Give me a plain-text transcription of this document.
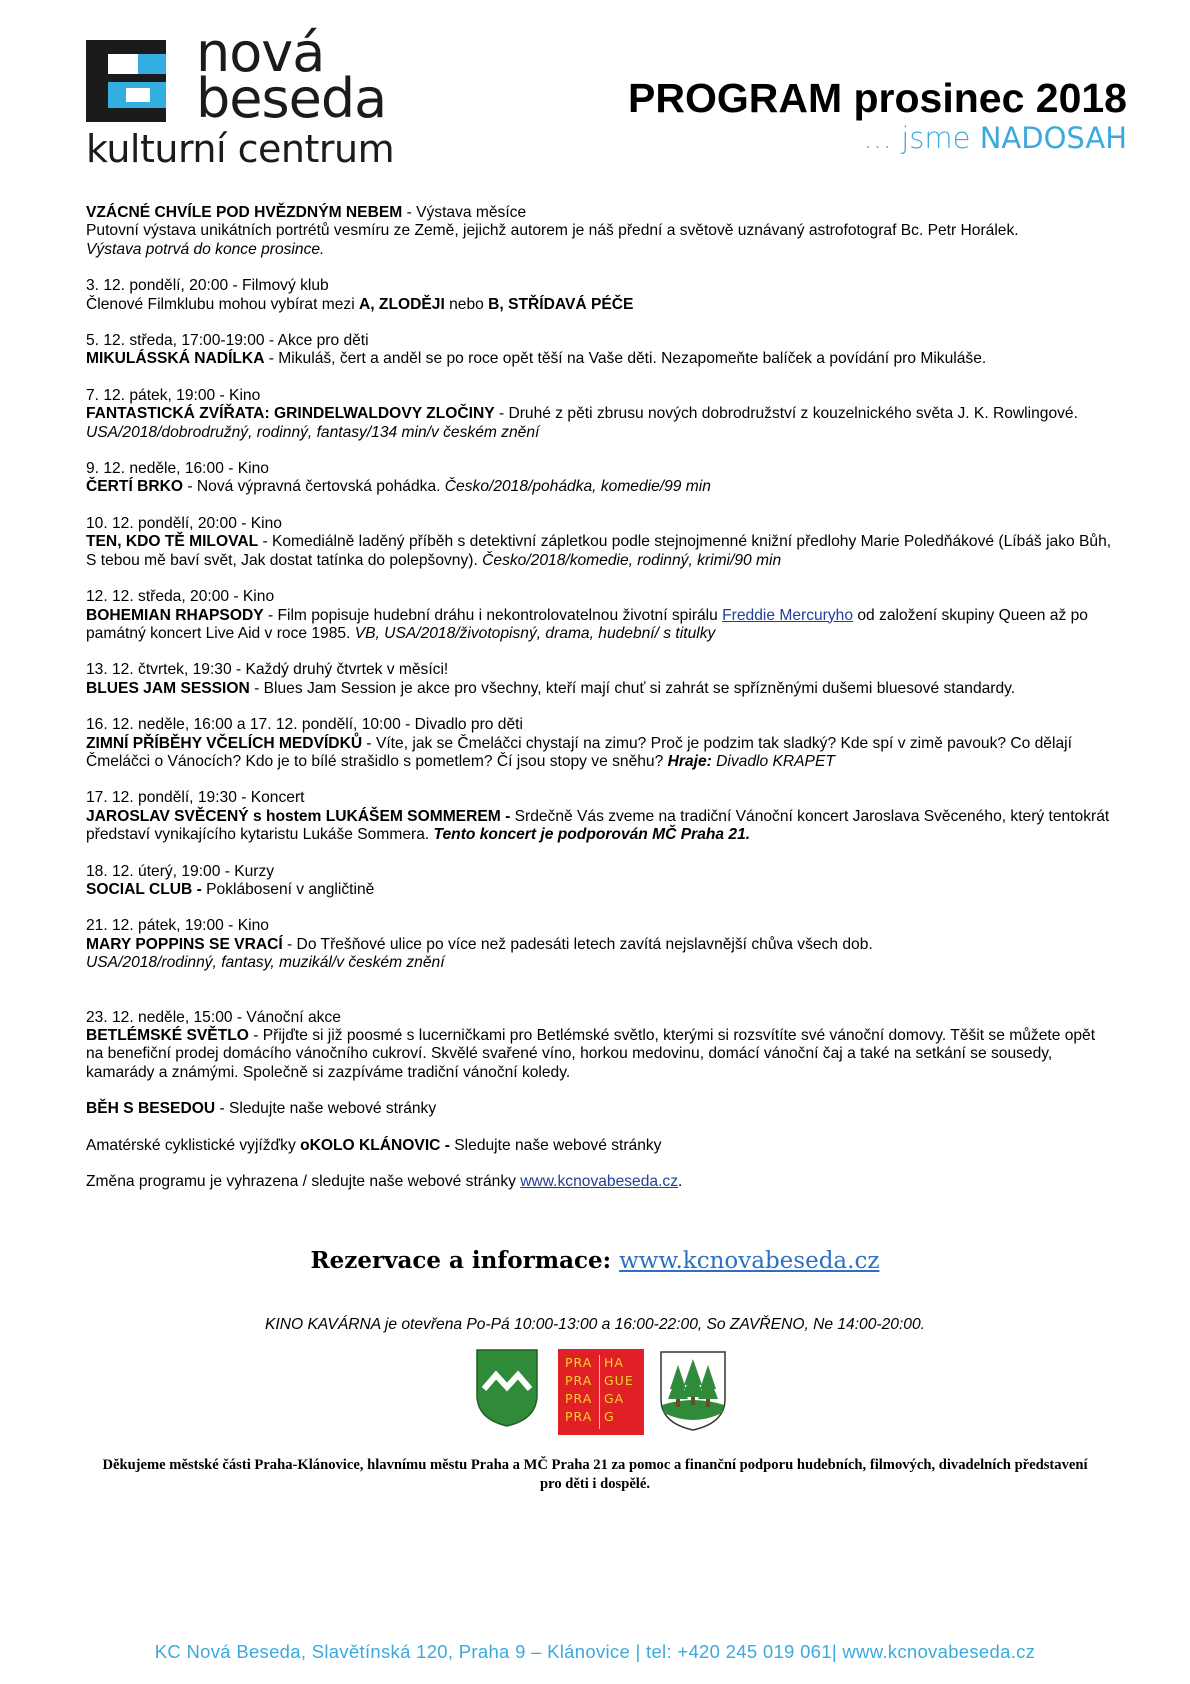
nová
beseda
kulturní centrum
PROGRAM prosinec 2018
… jsme NADOSAH
VZÁCNÉ CHVÍLE POD HVĚZDNÝM NEBEM - Výstava měsíce
Putovní výstava unikátních portrétů vesmíru ze Země, jejichž autorem je náš přední a světově uznávaný astrofotograf Bc. Petr Horálek.
Výstava potrvá do konce prosince.
3. 12. pondělí, 20:00 - Filmový klub
Členové Filmklubu mohou vybírat mezi A, ZLODĚJI nebo B, STŘÍDAVÁ PÉČE
5. 12. středa, 17:00-19:00 - Akce pro děti
MIKULÁSSKÁ NADÍLKA - Mikuláš, čert a anděl se po roce opět těší na Vaše děti. Nezapomeňte balíček a povídání pro Mikuláše.
7. 12. pátek, 19:00 - Kino
FANTASTICKÁ ZVÍŘATA: GRINDELWALDOVY ZLOČINY - Druhé z pěti zbrusu nových dobrodružství z kouzelnického světa J. K. Rowlingové. USA/2018/dobrodružný, rodinný, fantasy/134 min/v českém znění
9. 12. neděle, 16:00 - Kino
ČERTÍ BRKO - Nová výpravná čertovská pohádka. Česko/2018/pohádka, komedie/99 min
10. 12. pondělí, 20:00 - Kino
TEN, KDO TĚ MILOVAL - Komediálně laděný příběh s detektivní zápletkou podle stejnojmenné knižní předlohy Marie Poledňákové (Líbáš jako Bůh, S tebou mě baví svět, Jak dostat tatínka do polepšovny). Česko/2018/komedie, rodinný, krimi/90 min
12. 12. středa, 20:00 - Kino
BOHEMIAN RHAPSODY - Film popisuje hudební dráhu i nekontrolovatelnou životní spirálu Freddie Mercuryho od založení skupiny Queen až po památný koncert Live Aid v roce 1985. VB, USA/2018/životopisný, drama, hudební/ s titulky
13. 12. čtvrtek, 19:30 - Každý druhý čtvrtek v měsíci!
BLUES JAM SESSION - Blues Jam Session je akce pro všechny, kteří mají chuť si zahrát se spřízněnými dušemi bluesové standardy.
16. 12. neděle, 16:00 a 17. 12. pondělí, 10:00 - Divadlo pro děti
ZIMNÍ PŘÍBĚHY VČELÍCH MEDVÍDKŮ - Víte, jak se Čmeláčci chystají na zimu? Proč je podzim tak sladký? Kde spí v zimě pavouk? Co dělají Čmeláčci o Vánocích? Kdo je to bílé strašidlo s pometlem? Čí jsou stopy ve sněhu? Hraje: Divadlo KRAPET
17. 12. pondělí, 19:30 - Koncert
JAROSLAV SVĚCENÝ s hostem LUKÁŠEM SOMMEREM - Srdečně Vás zveme na tradiční Vánoční koncert Jaroslava Svěceného, který tentokrát představí vynikajícího kytaristu Lukáše Sommera. Tento koncert je podporován MČ Praha 21.
18. 12. úterý, 19:00 - Kurzy
SOCIAL CLUB - Poklábosení v angličtině
21. 12. pátek, 19:00 - Kino
MARY POPPINS SE VRACÍ - Do Třešňové ulice po více než padesáti letech zavítá nejslavnější chůva všech dob.
USA/2018/rodinný, fantasy, muzikál/v českém znění
23. 12. neděle, 15:00 - Vánoční akce
BETLÉMSKÉ SVĚTLO - Přijďte si již poosmé s lucerničkami pro Betlémské světlo, kterými si rozsvítíte své vánoční domovy. Těšit se můžete opět na benefiční prodej domácího vánočního cukroví. Skvělé svařené víno, horkou medovinu, domácí vánoční čaj a také na setkání se sousedy, kamarády a známými. Společně si zazpíváme tradiční vánoční koledy.
BĚH S BESEDOU - Sledujte naše webové stránky
Amatérské cyklistické vyjížďky oKOLO KLÁNOVIC - Sledujte naše webové stránky
Změna programu je vyhrazena / sledujte naše webové stránky www.kcnovabeseda.cz.
Rezervace a informace: www.kcnovabeseda.cz
KINO KAVÁRNA je otevřena Po-Pá 10:00-13:00 a 16:00-22:00, So ZAVŘENO, Ne 14:00-20:00.
PRA HA
PRA GUE
PRA GA
PRA G
Děkujeme městské části Praha-Klánovice, hlavnímu městu Praha a MČ Praha 21 za pomoc a finanční podporu hudebních, filmových, divadelních představení pro děti i dospělé.
KC Nová Beseda, Slavětínská 120, Praha 9 – Klánovice | tel: +420 245 019 061| www.kcnovabeseda.cz
